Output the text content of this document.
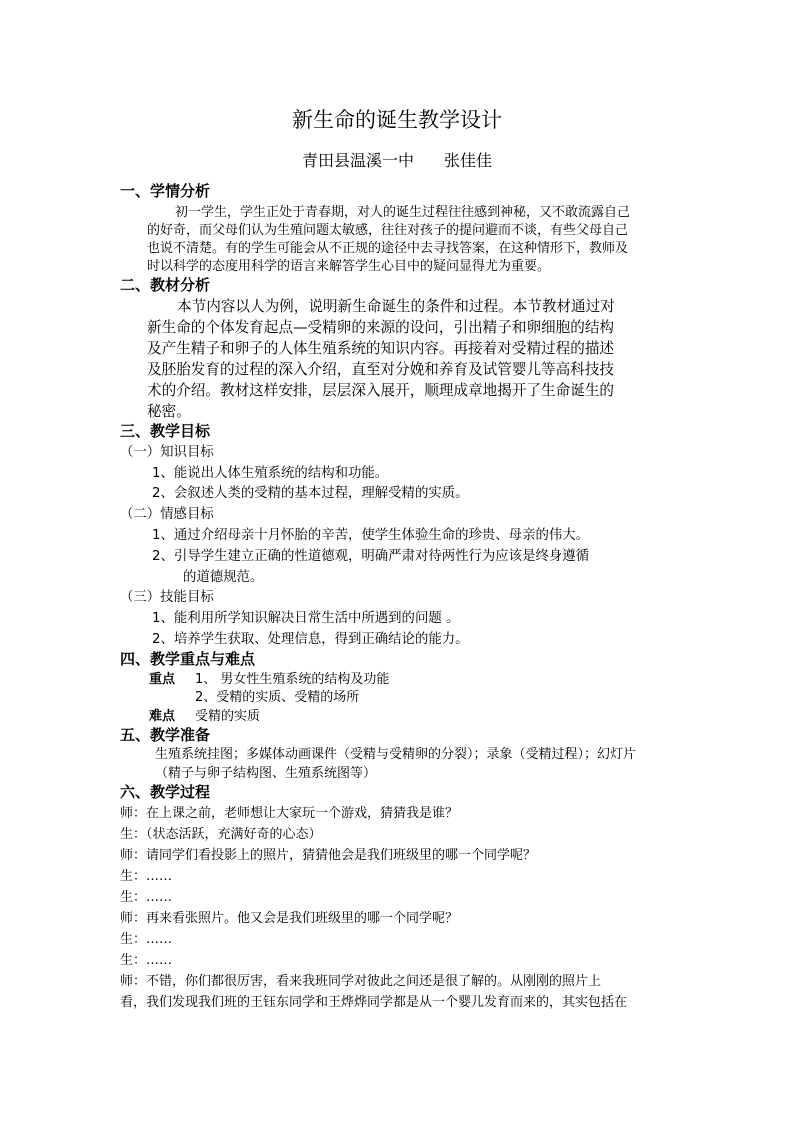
新生命的诞生教学设计
青田县温溪一中 张佳佳
一、学情分析
初一学生，学生正处于青春期，对人的诞生过程往往感到神秘，又不敢流露自己
的好奇，而父母们认为生殖问题太敏感，往往对孩子的提问避而不谈，有些父母自己
也说不清楚。有的学生可能会从不正规的途径中去寻找答案，在这种情形下，教师及
时以科学的态度用科学的语言来解答学生心目中的疑问显得尤为重要。
二、教材分析
本节内容以人为例，说明新生命诞生的条件和过程。本节教材通过对
新生命的个体发育起点—受精卵的来源的设问，引出精子和卵细胞的结构
及产生精子和卵子的人体生殖系统的知识内容。再接着对受精过程的描述
及胚胎发育的过程的深入介绍，直至对分娩和养育及试管婴儿等高科技技
术的介绍。教材这样安排，层层深入展开，顺理成章地揭开了生命诞生的
秘密。
三、教学目标
（一）知识目标
1、能说出人体生殖系统的结构和功能。
2、会叙述人类的受精的基本过程，理解受精的实质。
（二）情感目标
1、通过介绍母亲十月怀胎的辛苦，使学生体验生命的珍贵、母亲的伟大。
2、引导学生建立正确的性道德观，明确严肃对待两性行为应该是终身遵循
的道德规范。
（三）技能目标
1、能利用所学知识解决日常生活中所遇到的问题 。
2、培养学生获取、处理信息，得到正确结论的能力。
四、教学重点与难点
重点 1、 男女性生殖系统的结构及功能
2、受精的实质、受精的场所
难点 受精的实质
五、教学准备
生殖系统挂图；多媒体动画课件（受精与受精卵的分裂）；录象（受精过程）；幻灯片
（精子与卵子结构图、生殖系统图等）
六、教学过程
师：在上课之前，老师想让大家玩一个游戏，猜猜我是谁？
生：（状态活跃，充满好奇的心态）
师：请同学们看投影上的照片，猜猜他会是我们班级里的哪一个同学呢？
生：……
生：……
师：再来看张照片。他又会是我们班级里的哪一个同学呢？
生：……
生：……
师：不错，你们都很厉害，看来我班同学对彼此之间还是很了解的。从刚刚的照片上
看，我们发现我们班的王钰东同学和王烨烨同学都是从一个婴儿发育而来的，其实包括在
